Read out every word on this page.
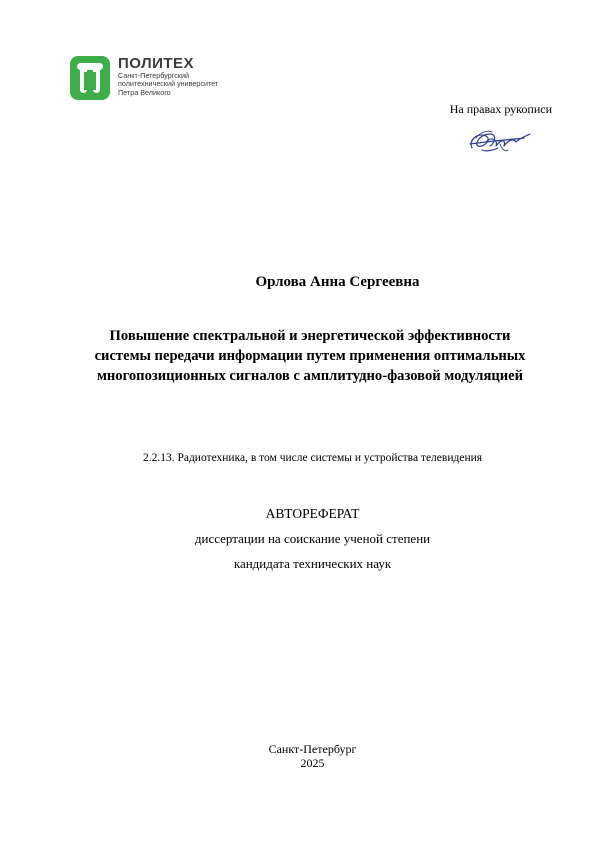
ПОЛИТЕХ
Санкт-Петербургский
политехнический университет
Петра Великого
На правах рукописи
Орлова Анна Сергеевна
Повышение спектральной и энергетической эффективности
системы передачи информации путем применения оптимальных
многопозиционных сигналов с амплитудно-фазовой модуляцией
2.2.13. Радиотехника, в том числе системы и устройства телевидения
АВТОРЕФЕРАТ
диссертации на соискание ученой степени
кандидата технических наук
Санкт-Петербург
2025
